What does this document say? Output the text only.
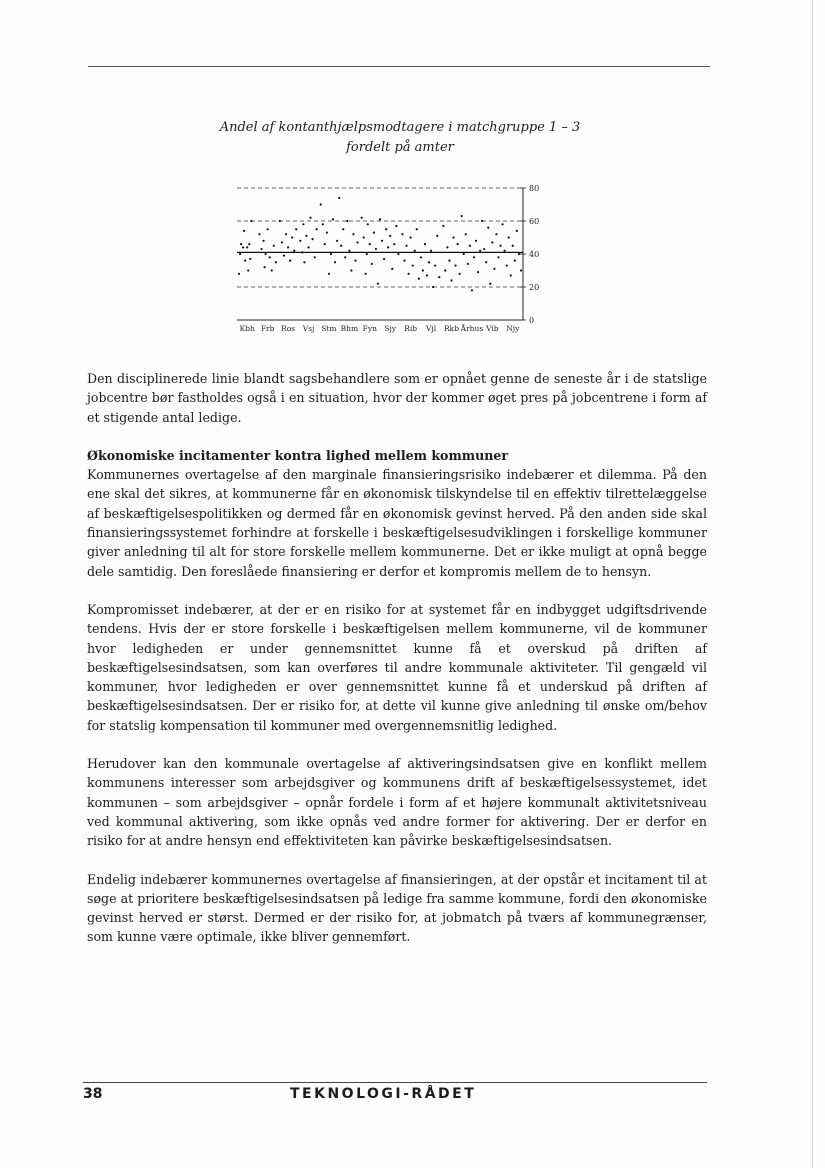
Andel af kontanthjælpsmodtagere i matchgruppe 1 – 3
fordelt på amter
0
20
40
60
80
Kbh Frb Ros Vsj Stm Bhm Fyn Sjy Rib Vjl Rkb Århus Vib Njy

Den disciplinerede linie blandt sagsbehandlere som er opnået genne de seneste år i de statslige jobcentre bør fastholdes også i en situation, hvor der kommer øget pres på jobcentrene i form af et stigende antal ledige.

Økonomiske incitamenter kontra lighed mellem kommuner

Kommunernes overtagelse af den marginale finansieringsrisiko indebærer et dilemma. På den ene skal det sikres, at kommunerne får en økonomisk tilskyndelse til en effektiv tilrettelæggelse af beskæftigelsespolitikken og dermed får en økonomisk gevinst herved. På den anden side skal finansieringssystemet forhindre at forskelle i beskæftigelsesudviklingen i forskellige kommuner giver anledning til alt for store forskelle mellem kommunerne. Det er ikke muligt at opnå begge dele samtidig. Den foreslåede finansiering er derfor et kompromis mellem de to hensyn.

Kompromisset indebærer, at der er en risiko for at systemet får en indbygget udgiftsdrivende tendens. Hvis der er store forskelle i beskæftigelsen mellem kommunerne, vil de kommuner hvor ledigheden er under gennemsnittet kunne få et overskud på driften af beskæftigelsesindsatsen, som kan overføres til andre kommunale aktiviteter. Til gengæld vil kommuner, hvor ledigheden er over gennemsnittet kunne få et underskud på driften af beskæftigelsesindsatsen. Der er risiko for, at dette vil kunne give anledning til ønske om/behov for statslig kompensation til kommuner med overgennemsnitlig ledighed.

Herudover kan den kommunale overtagelse af aktiveringsindsatsen give en konflikt mellem kommunens interesser som arbejdsgiver og kommunens drift af beskæftigelsessystemet, idet kommunen – som arbejdsgiver – opnår fordele i form af et højere kommunalt aktivitetsniveau ved kommunal aktivering, som ikke opnås ved andre former for aktivering. Der er derfor en risiko for at andre hensyn end effektiviteten kan påvirke beskæftigelsesindsatsen.

Endelig indebærer kommunernes overtagelse af finansieringen, at der opstår et incitament til at søge at prioritere beskæftigelsesindsatsen på ledige fra samme kommune, fordi den økonomiske gevinst herved er størst. Dermed er der risiko for, at jobmatch på tværs af kommunegrænser, som kunne være optimale, ikke bliver gennemført.

38	TEKNOLOGI-RÅDET
